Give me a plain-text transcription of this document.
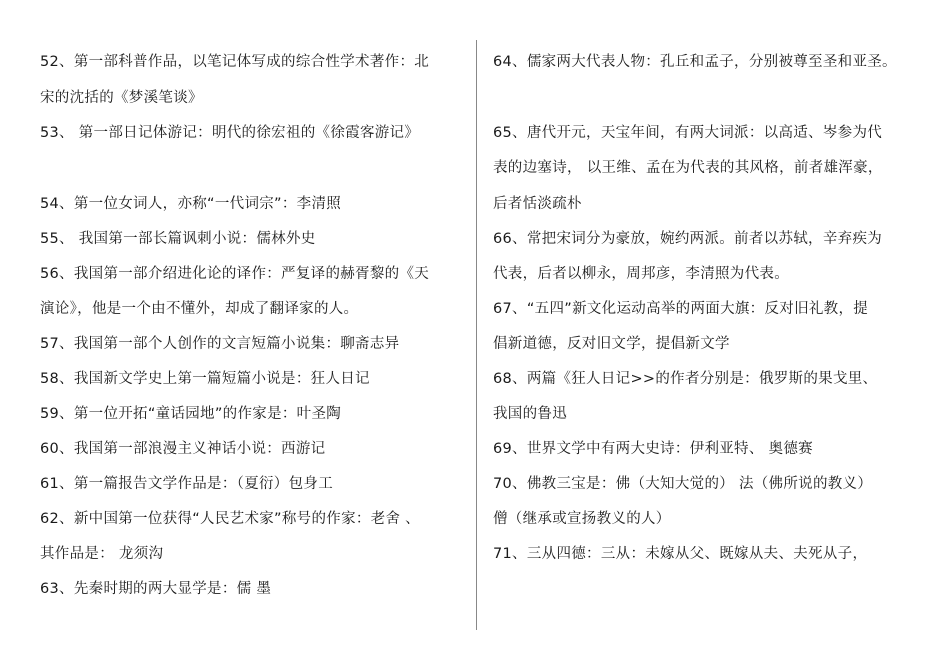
52、第一部科普作品，以笔记体写成的综合性学术著作：北
宋的沈括的《梦溪笔谈》
53、 第一部日记体游记：明代的徐宏祖的《徐霞客游记》
54、第一位女词人，亦称“一代词宗”：李清照
55、 我国第一部长篇讽刺小说：儒林外史
56、我国第一部介绍进化论的译作：严复译的赫胥黎的《天
演论》，他是一个由不懂外，却成了翻译家的人。
57、我国第一部个人创作的文言短篇小说集：聊斋志异
58、我国新文学史上第一篇短篇小说是：狂人日记
59、第一位开拓“童话园地”的作家是：叶圣陶
60、我国第一部浪漫主义神话小说：西游记
61、第一篇报告文学作品是：（夏衍）包身工
62、新中国第一位获得“人民艺术家”称号的作家：老舍 、
其作品是： 龙须沟
63、先秦时期的两大显学是：儒 墨
64、儒家两大代表人物：孔丘和孟子，分别被尊至圣和亚圣。
65、唐代开元，天宝年间，有两大词派：以高适、岑参为代
表的边塞诗， 以王维、孟在为代表的其风格，前者雄浑豪，
后者恬淡疏朴
66、常把宋词分为豪放，婉约两派。前者以苏轼，辛弃疾为
代表，后者以柳永，周邦彦，李清照为代表。
67、“五四”新文化运动高举的两面大旗：反对旧礼教，提
倡新道德，反对旧文学，提倡新文学
68、两篇《狂人日记>>的作者分别是：俄罗斯的果戈里、
我国的鲁迅
69、世界文学中有两大史诗：伊利亚特、 奥德赛
70、佛教三宝是：佛（大知大觉的） 法（佛所说的教义）
僧（继承或宣扬教义的人）
71、三从四德：三从：未嫁从父、既嫁从夫、夫死从子，
